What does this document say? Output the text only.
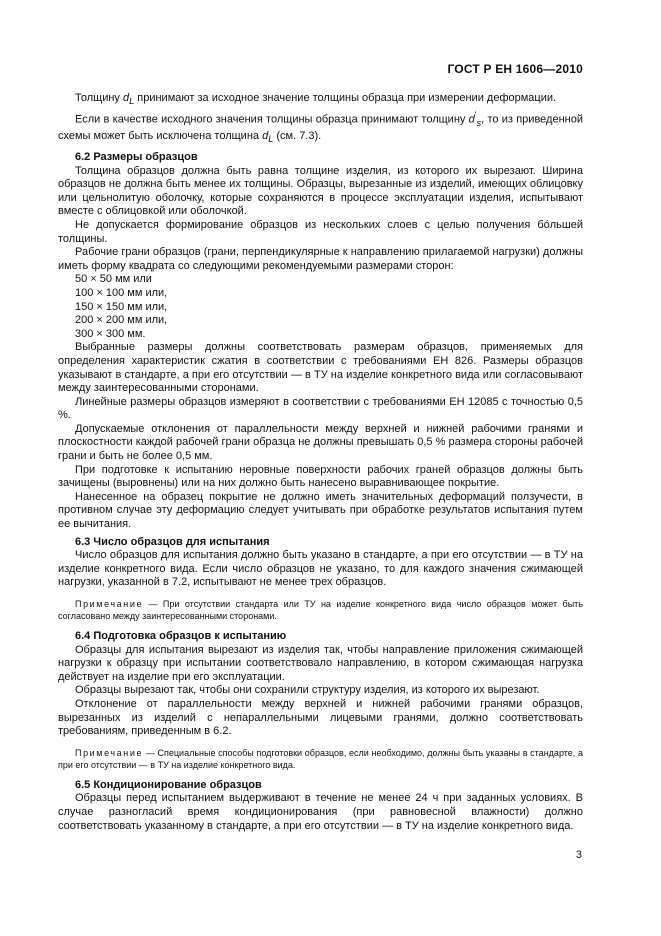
ГОСТ Р ЕН 1606—2010

Толщину $d_L$ принимают за исходное значение толщины образца при измерении деформации.

Если в качестве исходного значения толщины образца принимают толщину $d'_s$, то из приведенной схемы может быть исключена толщина $d_L$ (см. 7.3).

6.2 Размеры образцов

Толщина образцов должна быть равна толщине изделия, из которого их вырезают. Ширина образцов не должна быть менее их толщины. Образцы, вырезанные из изделий, имеющих облицовку или цельнолитую оболочку, которые сохраняются в процессе эксплуатации изделия, испытывают вместе с облицовкой или оболочкой.

Не допускается формирование образцов из нескольких слоев с целью получения бóльшей толщины.

Рабочие грани образцов (грани, перпендикулярные к направлению прилагаемой нагрузки) должны иметь форму квадрата со следующими рекомендуемыми размерами сторон:

50 × 50 мм или

100 × 100 мм или,

150 × 150 мм или,

200 × 200 мм или,

300 × 300 мм.

Выбранные размеры должны соответствовать размерам образцов, применяемых для определения характеристик сжатия в соответствии с требованиями ЕН 826. Размеры образцов указывают в стандарте, а при его отсутствии — в ТУ на изделие конкретного вида или согласовывают между заинтересованными сторонами.

Линейные размеры образцов измеряют в соответствии с требованиями ЕН 12085 с точностью 0,5 %.

Допускаемые отклонения от параллельности между верхней и нижней рабочими гранями и плоскостности каждой рабочей грани образца не должны превышать 0,5 % размера стороны рабочей грани и быть не более 0,5 мм.

При подготовке к испытанию неровные поверхности рабочих граней образцов должны быть зачищены (выровнены) или на них должно быть нанесено выравнивающее покрытие.

Нанесенное на образец покрытие не должно иметь значительных деформаций ползучести, в противном случае эту деформацию следует учитывать при обработке результатов испытания путем ее вычитания.

6.3 Число образцов для испытания

Число образцов для испытания должно быть указано в стандарте, а при его отсутствии — в ТУ на изделие конкретного вида. Если число образцов не указано, то для каждого значения сжимающей нагрузки, указанной в 7.2, испытывают не менее трех образцов.

Примечание — При отсутствии стандарта или ТУ на изделие конкретного вида число образцов может быть согласовано между заинтересованными сторонами.

6.4 Подготовка образцов к испытанию

Образцы для испытания вырезают из изделия так, чтобы направление приложения сжимающей нагрузки к образцу при испытании соответствовало направлению, в котором сжимающая нагрузка действует на изделие при его эксплуатации.

Образцы вырезают так, чтобы они сохранили структуру изделия, из которого их вырезают.

Отклонение от параллельности между верхней и нижней рабочими гранями образцов, вырезанных из изделий с непараллельными лицевыми гранями, должно соответствовать требованиям, приведенным в 6.2.

Примечание — Специальные способы подготовки образцов, если необходимо, должны быть указаны в стандарте, а при его отсутствии — в ТУ на изделие конкретного вида.

6.5 Кондиционирование образцов

Образцы перед испытанием выдерживают в течение не менее 24 ч при заданных условиях. В случае разногласий время кондиционирования (при равновесной влажности) должно соответствовать указанному в стандарте, а при его отсутствии — в ТУ на изделие конкретного вида.

3
